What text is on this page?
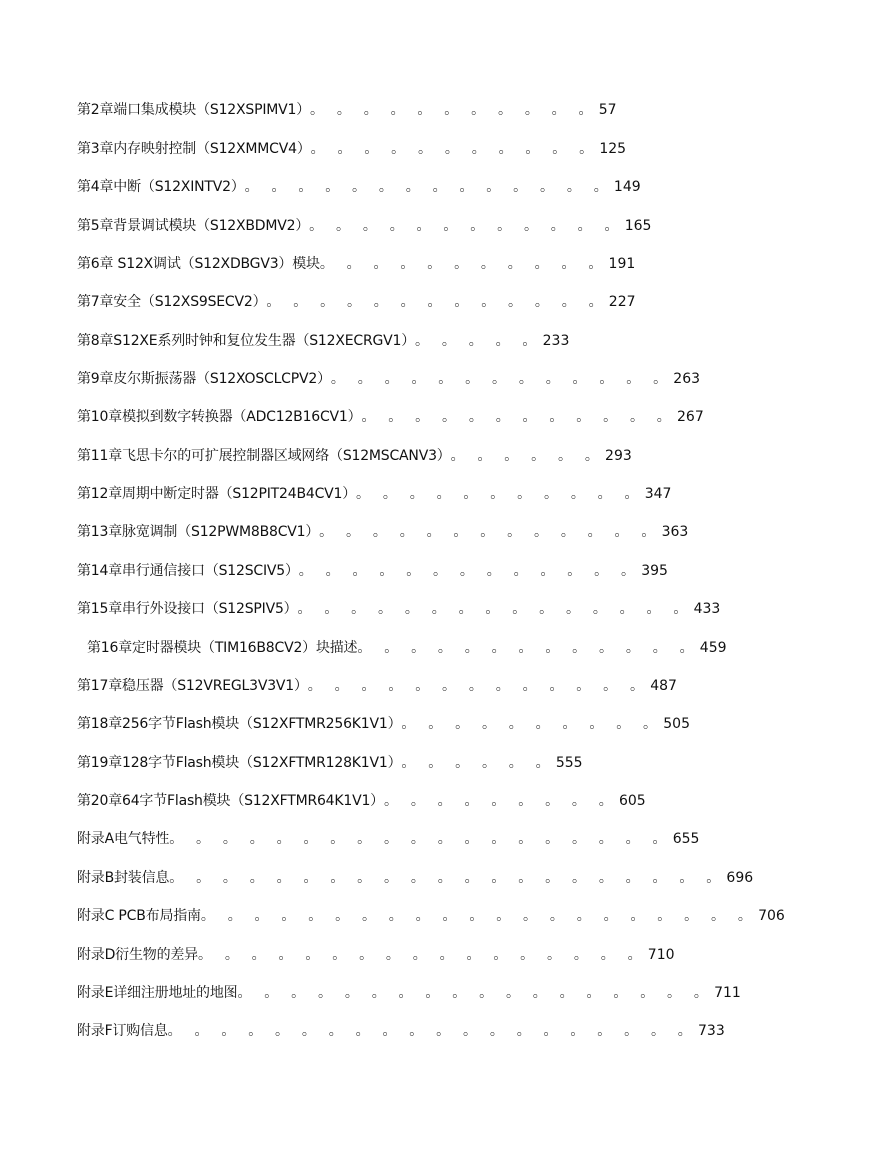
第2章端口集成模块（S12XSPIMV1） 。 。 。 。 。 。 。 。 。 。 。 57
第3章内存映射控制（S12XMMCV4） 。 。 。 。 。 。 。 。 。 。 。 125
第4章中断（S12XINTV2） 。 。 。 。 。 。 。 。 。 。 。 。 。 。 149
第5章背景调试模块（S12XBDMV2） 。 。 。 。 。 。 。 。 。 。 。 。 165
第6章 S12X调试（S12XDBGV3）模块 。 。 。 。 。 。 。 。 。 。 。 191
第7章安全（S12XS9SECV2） 。 。 。 。 。 。 。 。 。 。 。 。 。 227
第8章S12XE系列时钟和复位发生器（S12XECRGV1） 。 。 。 。 。 233
第9章皮尔斯振荡器（S12XOSCLCPV2） 。 。 。 。 。 。 。 。 。 。 。 。 。 263
第10章模拟到数字转换器（ADC12B16CV1） 。 。 。 。 。 。 。 。 。 。 。 。 267
第11章飞思卡尔的可扩展控制器区域网络（S12MSCANV3） 。 。 。 。 。 。 293
第12章周期中断定时器（S12PIT24B4CV1） 。 。 。 。 。 。 。 。 。 。 。 347
第13章脉宽调制（S12PWM8B8CV1） 。 。 。 。 。 。 。 。 。 。 。 。 。 363
第14章串行通信接口（S12SCIV5） 。 。 。 。 。 。 。 。 。 。 。 。 。 395
第15章串行外设接口（S12SPIV5） 。 。 。 。 。 。 。 。 。 。 。 。 。 。 。 433
第16章定时器模块（TIM16B8CV2）块描述 。 。 。 。 。 。 。 。 。 。 。 。 。 459
第17章稳压器（S12VREGL3V3V1） 。 。 。 。 。 。 。 。 。 。 。 。 。 487
第18章256字节Flash模块（S12XFTMR256K1V1） 。 。 。 。 。 。 。 。 。 。 505
第19章128字节Flash模块（S12XFTMR128K1V1） 。 。 。 。 。 。 555
第20章64字节Flash模块（S12XFTMR64K1V1） 。 。 。 。 。 。 。 。 。 605
附录A电气特性 。 。 。 。 。 。 。 。 。 。 。 。 。 。 。 。 。 。 。 655
附录B封装信息 。 。 。 。 。 。 。 。 。 。 。 。 。 。 。 。 。 。 。 。 。 696
附录C PCB布局指南 。 。 。 。 。 。 。 。 。 。 。 。 。 。 。 。 。 。 。 。 。 706
附录D衍生物的差异 。 。 。 。 。 。 。 。 。 。 。 。 。 。 。 。 。 710
附录E详细注册地址的地图 。 。 。 。 。 。 。 。 。 。 。 。 。 。 。 。 。 。 711
附录F订购信息 。 。 。 。 。 。 。 。 。 。 。 。 。 。 。 。 。 。 。 。 733
